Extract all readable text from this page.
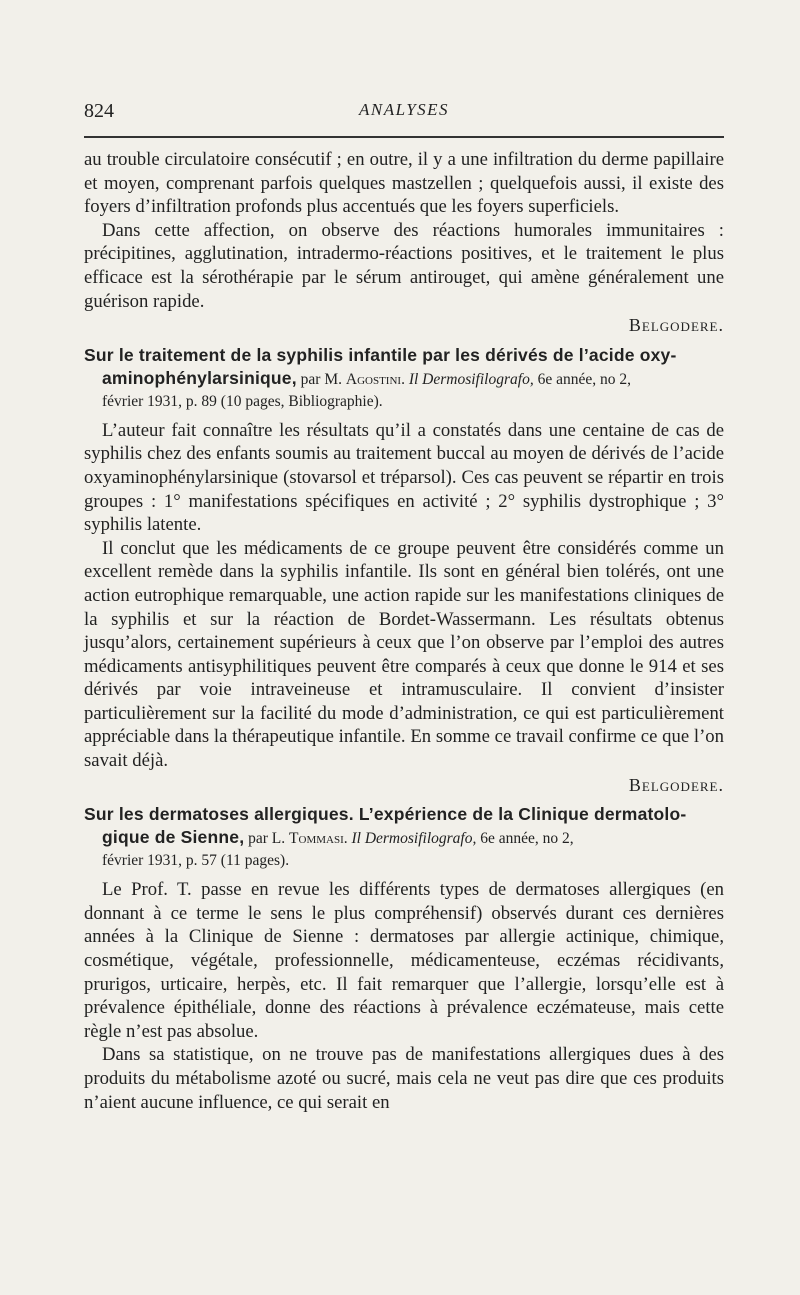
824	ANALYSES

au trouble circulatoire consécutif ; en outre, il y a une infiltration du derme papillaire et moyen, comprenant parfois quelques mastzellen ; quelquefois aussi, il existe des foyers d’infiltration profonds plus accentués que les foyers superficiels.

Dans cette affection, on observe des réactions humorales immunitaires : précipitines, agglutination, intradermo-réactions positives, et le traitement le plus efficace est la sérothérapie par le sérum antirouget, qui amène généralement une guérison rapide.

Belgodere.
Sur le traitement de la syphilis infantile par les dérivés de l’acide oxy-

aminophénylarsinique, par M. Agostini. Il Dermosifilografo, 6e année, no 2,
février 1931, p. 89 (10 pages, Bibliographie).

L’auteur fait connaître les résultats qu’il a constatés dans une centaine de cas de syphilis chez des enfants soumis au traitement buccal au moyen de dérivés de l’acide oxyaminophénylarsinique (stovarsol et tréparsol). Ces cas peuvent se répartir en trois groupes : 1° manifestations spécifiques en activité ; 2° syphilis dystrophique ; 3° syphilis latente.

Il conclut que les médicaments de ce groupe peuvent être considérés comme un excellent remède dans la syphilis infantile. Ils sont en général bien tolérés, ont une action eutrophique remarquable, une action rapide sur les manifestations cliniques de la syphilis et sur la réaction de Bordet-Wassermann. Les résultats obtenus jusqu’alors, certainement supérieurs à ceux que l’on observe par l’emploi des autres médicaments antisyphilitiques peuvent être comparés à ceux que donne le 914 et ses dérivés par voie intraveineuse et intramusculaire. Il convient d’insister particulièrement sur la facilité du mode d’administration, ce qui est particulièrement appréciable dans la thérapeutique infantile. En somme ce travail confirme ce que l’on savait déjà.

Belgodere.
Sur les dermatoses allergiques. L’expérience de la Clinique dermatolo-

gique de Sienne, par L. Tommasi. Il Dermosifilografo, 6e année, no 2,
février 1931, p. 57 (11 pages).

Le Prof. T. passe en revue les différents types de dermatoses allergiques (en donnant à ce terme le sens le plus compréhensif) observés durant ces dernières années à la Clinique de Sienne : dermatoses par allergie actinique, chimique, cosmétique, végétale, professionnelle, médicamenteuse, eczémas récidivants, prurigos, urticaire, herpès, etc. Il fait remarquer que l’allergie, lorsqu’elle est à prévalence épithéliale, donne des réactions à prévalence eczémateuse, mais cette règle n’est pas absolue.

Dans sa statistique, on ne trouve pas de manifestations allergiques dues à des produits du métabolisme azoté ou sucré, mais cela ne veut pas dire que ces produits n’aient aucune influence, ce qui serait en
